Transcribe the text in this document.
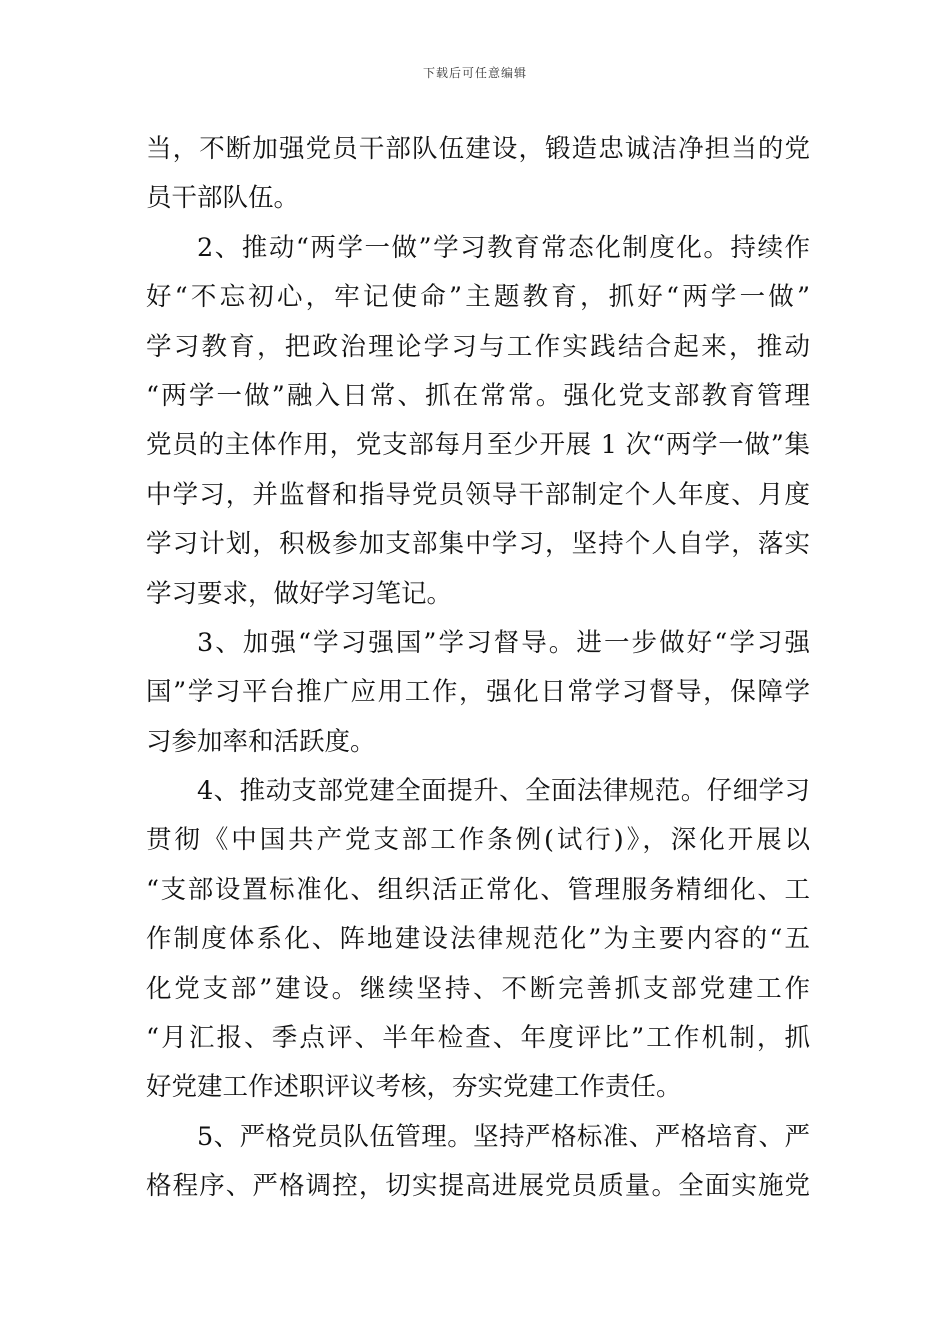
下载后可任意编辑
当，不断加强党员干部队伍建设，锻造忠诚洁净担当的党
员干部队伍。
2、推动“两学一做”学习教育常态化制度化。持续作
好“不忘初心，牢记使命”主题教育，抓好“两学一做”
学习教育，把政治理论学习与工作实践结合起来，推动
“两学一做”融入日常、抓在常常。强化党支部教育管理
党员的主体作用，党支部每月至少开展 1 次“两学一做”集
中学习，并监督和指导党员领导干部制定个人年度、月度
学习计划，积极参加支部集中学习，坚持个人自学，落实
学习要求，做好学习笔记。
3、加强“学习强国”学习督导。进一步做好“学习强
国”学习平台推广应用工作，强化日常学习督导，保障学
习参加率和活跃度。
4、推动支部党建全面提升、全面法律规范。仔细学习
贯彻《中国共产党支部工作条例(试行)》，深化开展以
“支部设置标准化、组织活正常化、管理服务精细化、工
作制度体系化、阵地建设法律规范化”为主要内容的“五
化党支部”建设。继续坚持、不断完善抓支部党建工作
“月汇报、季点评、半年检查、年度评比”工作机制，抓
好党建工作述职评议考核，夯实党建工作责任。
5、严格党员队伍管理。坚持严格标准、严格培育、严
格程序、严格调控，切实提高进展党员质量。全面实施党
